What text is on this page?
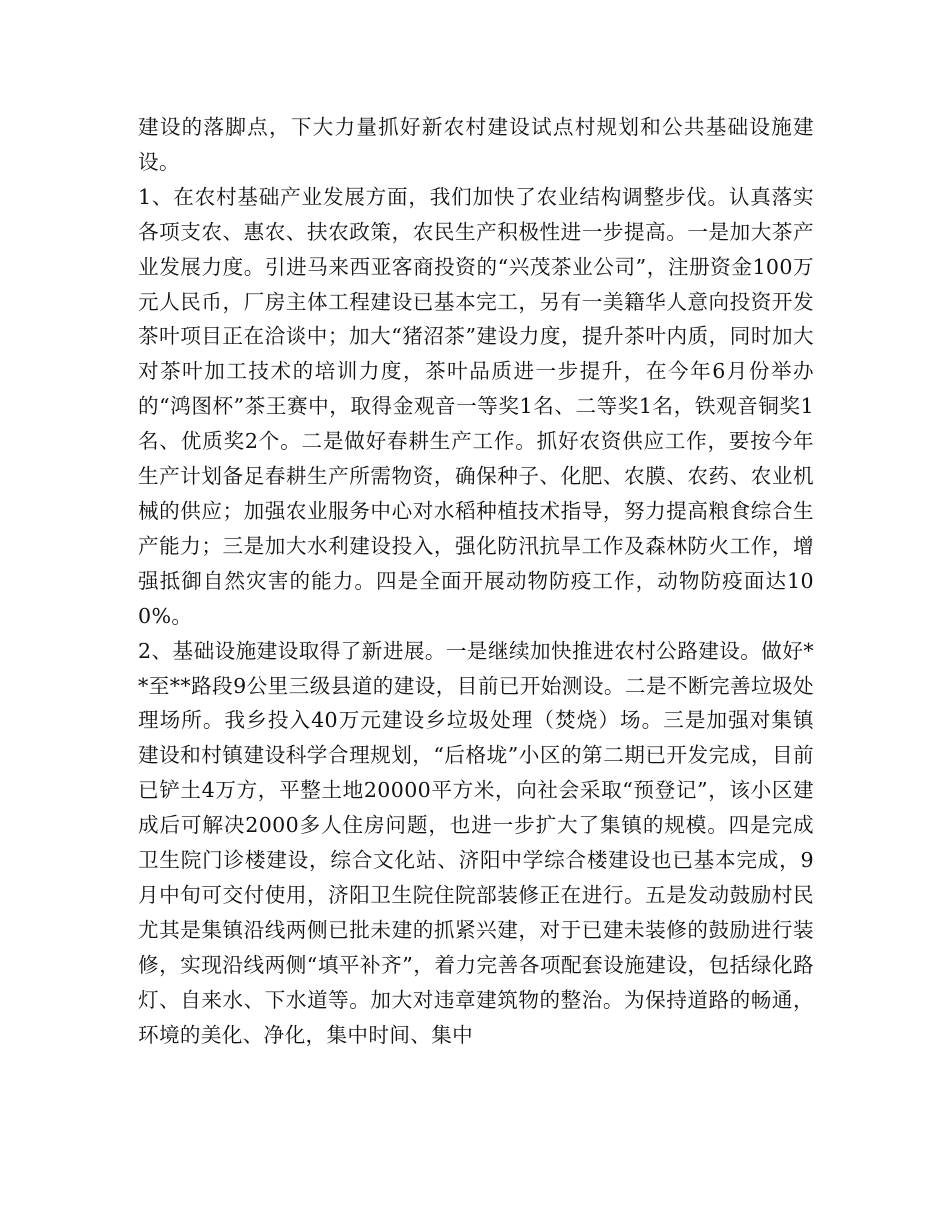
建设的落脚点，下大力量抓好新农村建设试点村规划和公共基础设施建设。

1、在农村基础产业发展方面，我们加快了农业结构调整步伐。认真落实各项支农、惠农、扶农政策，农民生产积极性进一步提高。一是加大茶产业发展力度。引进马来西亚客商投资的“兴茂茶业公司”，注册资金100万元人民币，厂房主体工程建设已基本完工，另有一美籍华人意向投资开发茶叶项目正在洽谈中；加大“猪沼茶”建设力度，提升茶叶内质，同时加大对茶叶加工技术的培训力度，茶叶品质进一步提升，在今年6月份举办的“鸿图杯”茶王赛中，取得金观音一等奖1名、二等奖1名，铁观音铜奖1名、优质奖2个。二是做好春耕生产工作。抓好农资供应工作，要按今年生产计划备足春耕生产所需物资，确保种子、化肥、农膜、农药、农业机械的供应；加强农业服务中心对水稻种植技术指导，努力提高粮食综合生产能力；三是加大水利建设投入，强化防汛抗旱工作及森林防火工作，增强抵御自然灾害的能力。四是全面开展动物防疫工作，动物防疫面达100%。

2、基础设施建设取得了新进展。一是继续加快推进农村公路建设。做好**至**路段9公里三级县道的建设，目前已开始测设。二是不断完善垃圾处理场所。我乡投入40万元建设乡垃圾处理（焚烧）场。三是加强对集镇建设和村镇建设科学合理规划，“后格垅”小区的第二期已开发完成，目前已铲土4万方，平整土地20000平方米，向社会采取“预登记”，该小区建成后可解决2000多人住房问题，也进一步扩大了集镇的规模。四是完成卫生院门诊楼建设，综合文化站、济阳中学综合楼建设也已基本完成，9月中旬可交付使用，济阳卫生院住院部装修正在进行。五是发动鼓励村民尤其是集镇沿线两侧已批未建的抓紧兴建，对于已建未装修的鼓励进行装修，实现沿线两侧“填平补齐”，着力完善各项配套设施建设，包括绿化路灯、自来水、下水道等。加大对违章建筑物的整治。为保持道路的畅通，环境的美化、净化，集中时间、集中
